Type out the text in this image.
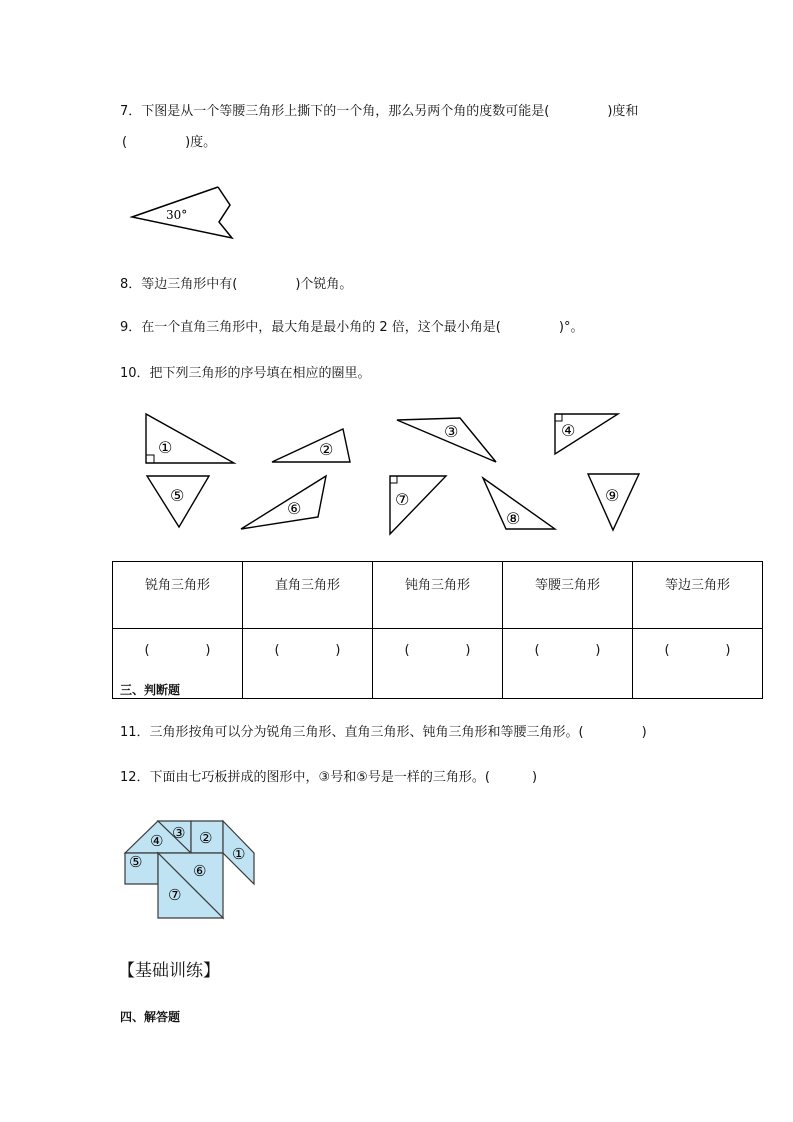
7．下图是从一个等腰三角形上撕下的一个角，那么另两个角的度数可能是(	)度和
(	)度。
30°
8．等边三角形中有(	)个锐角。
9．在一个直角三角形中，最大角是最小角的 2 倍，这个最小角是(	)°。
10．把下列三角形的序号填在相应的圈里。
①	②
③	④
⑤
⑥	⑦
⑧
⑨
锐角三角形	直角三角形	钝角三角形	等腰三角形	等边三角形
( )	( )	( )	( )	( )
三、判断题
11．三角形按角可以分为锐角三角形、直角三角形、钝角三角形和等腰三角形。(	)
12．下面由七巧板拼成的图形中，③号和⑤号是一样的三角形。(	)
①
②
③
④
⑤	⑥
⑦
【基础训练】
四、解答题
